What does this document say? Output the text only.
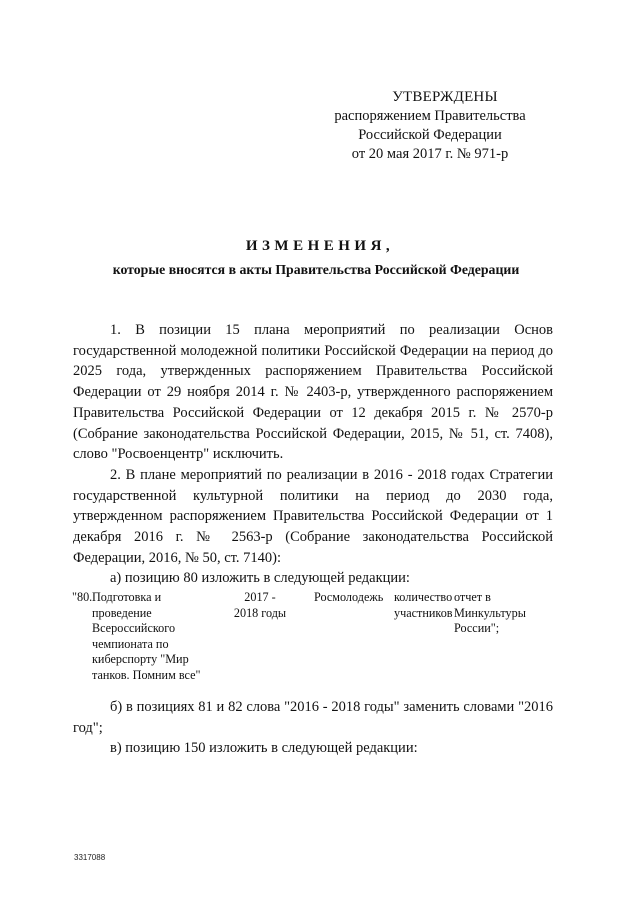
УТВЕРЖДЕНЫ
распоряжением Правительства
Российской Федерации
от 20 мая 2017 г. № 971-р
ИЗМЕНЕНИЯ,
которые вносятся в акты Правительства Российской Федерации

1. В позиции 15 плана мероприятий по реализации Основ государственной молодежной политики Российской Федерации на период до 2025 года, утвержденных распоряжением Правительства Российской Федерации от 29 ноября 2014 г. № 2403-р, утвержденного распоряжением Правительства Российской Федерации от 12 декабря 2015 г. № 2570-р (Собрание законодательства Российской Федерации, 2015, № 51, ст. 7408), слово "Росвоенцентр" исключить.

2. В плане мероприятий по реализации в 2016 - 2018 годах Стратегии государственной культурной политики на период до 2030 года, утвержденном распоряжением Правительства Российской Федерации от 1 декабря 2016 г. № 2563-р (Собрание законодательства Российской Федерации, 2016, № 50, ст. 7140):

а) позицию 80 изложить в следующей редакции:

"80. Подготовка и
проведение
Всероссийского
чемпионата по
киберспорту "Мир
танков. Помним все"
2017 -
2018 годы
Росмолодежь количество
участников
отчет в
Минкультуры
России";

б) в позициях 81 и 82 слова "2016 - 2018 годы" заменить словами "2016 год";

в) позицию 150 изложить в следующей редакции:

3317088
